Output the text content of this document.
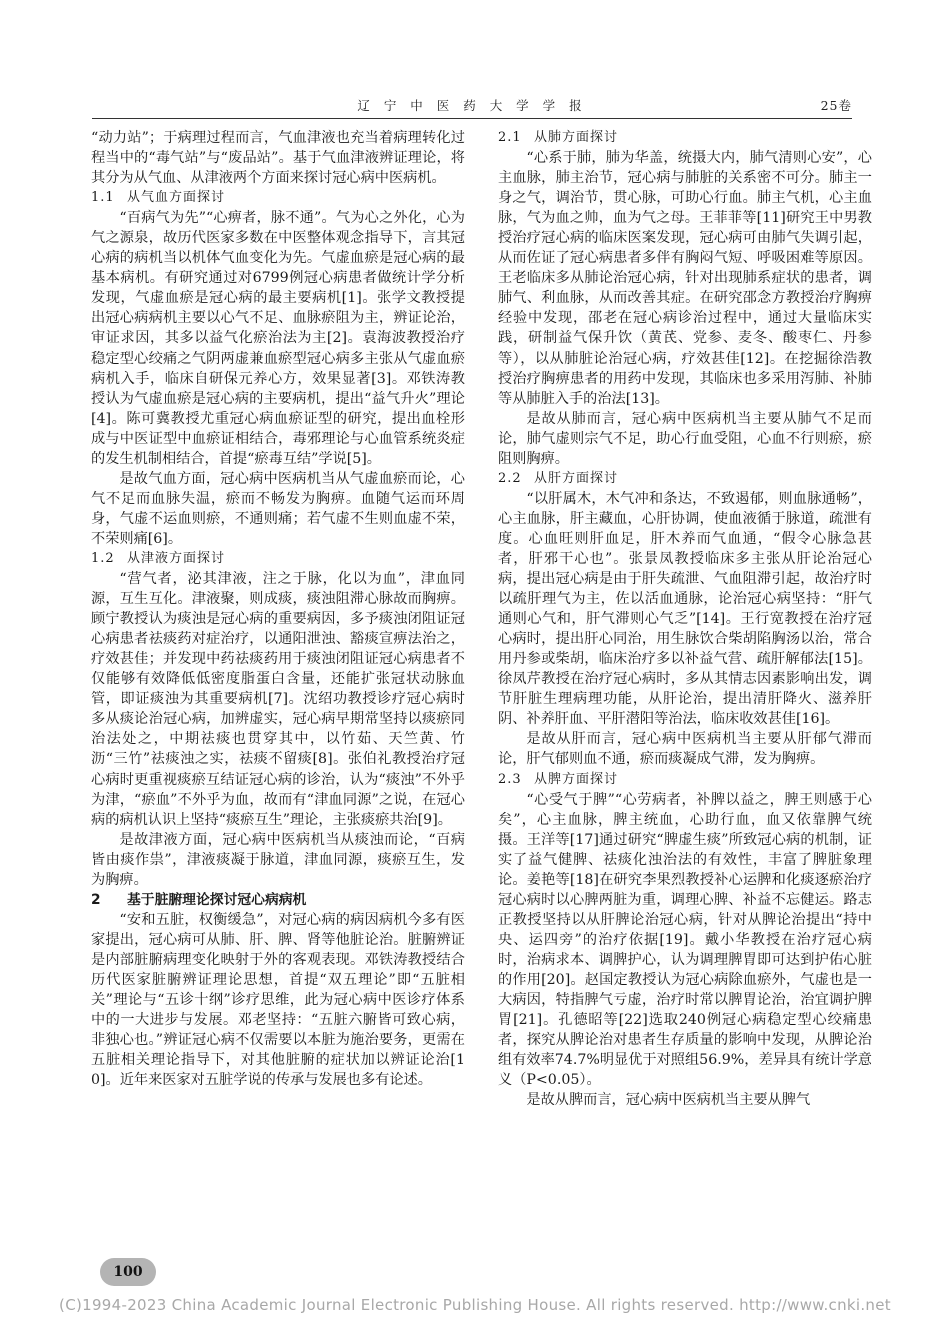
辽 宁 中 医 药 大 学 学 报	25卷

“动力站”；于病理过程而言，气血津液也充当着病理转化过程当中的“毒气站”与“废品站”。基于气血津液辨证理论，将其分为从气血、从津液两个方面来探讨冠心病中医病机。

1.1 从气血方面探讨

“百病气为先”“心痹者，脉不通”。气为心之外化，心为气之源泉，故历代医家多数在中医整体观念指导下，言其冠心病的病机当以机体气血变化为先。气虚血瘀是冠心病的最基本病机。有研究通过对6799例冠心病患者做统计学分析发现，气虚血瘀是冠心病的最主要病机[1]。张学文教授提出冠心病病机主要以心气不足、血脉瘀阻为主，辨证论治，审证求因，其多以益气化瘀治法为主[2]。袁海波教授治疗稳定型心绞痛之气阴两虚兼血瘀型冠心病多主张从气虚血瘀病机入手，临床自研保元养心方，效果显著[3]。邓铁涛教授认为气虚血瘀是冠心病的主要病机，提出“益气升火”理论[4]。陈可冀教授尤重冠心病血瘀证型的研究，提出血栓形成与中医证型中血瘀证相结合，毒邪理论与心血管系统炎症的发生机制相结合，首提“瘀毒互结”学说[5]。

是故气血方面，冠心病中医病机当从气虚血瘀而论，心气不足而血脉失温，瘀而不畅发为胸痹。血随气运而环周身，气虚不运血则瘀，不通则痛；若气虚不生则血虚不荣，不荣则痛[6]。

1.2 从津液方面探讨

“营气者，泌其津液，注之于脉，化以为血”，津血同源，互生互化。津液聚，则成痰，痰浊阻滞心脉故而胸痹。顾宁教授认为痰浊是冠心病的重要病因，多予痰浊闭阻证冠心病患者祛痰药对症治疗，以通阳泄浊、豁痰宣痹法治之，疗效甚佳；并发现中药祛痰药用于痰浊闭阻证冠心病患者不仅能够有效降低低密度脂蛋白含量，还能扩张冠状动脉血管，即证痰浊为其重要病机[7]。沈绍功教授诊疗冠心病时多从痰论治冠心病，加辨虚实，冠心病早期常坚持以痰瘀同治法处之，中期祛痰也贯穿其中，以竹茹、天竺黄、竹沥“三竹”祛痰浊之实，祛痰不留痰[8]。张伯礼教授治疗冠心病时更重视痰瘀互结证冠心病的诊治，认为“痰浊”不外乎为津，“瘀血”不外乎为血，故而有“津血同源”之说，在冠心病的病机认识上坚持“痰瘀互生”理论，主张痰瘀共治[9]。

是故津液方面，冠心病中医病机当从痰浊而论，“百病皆由痰作祟”，津液痰凝于脉道，津血同源，痰瘀互生，发为胸痹。

2 基于脏腑理论探讨冠心病病机

“安和五脏，权衡缓急”，对冠心病的病因病机今多有医家提出，冠心病可从肺、肝、脾、肾等他脏论治。脏腑辨证是内部脏腑病理变化映射于外的客观表现。邓铁涛教授结合历代医家脏腑辨证理论思想，首提“双五理论”即“五脏相关”理论与“五诊十纲”诊疗思维，此为冠心病中医诊疗体系中的一大进步与发展。邓老坚持：“五脏六腑皆可致心病，非独心也。”辨证冠心病不仅需要以本脏为施治要务，更需在五脏相关理论指导下，对其他脏腑的症状加以辨证论治[10]。近年来医家对五脏学说的传承与发展也多有论述。

2.1 从肺方面探讨

“心系于肺，肺为华盖，统摄大内，肺气清则心安”，心主血脉，肺主治节，冠心病与肺脏的关系密不可分。肺主一身之气，调治节，贯心脉，可助心行血。肺主气机，心主血脉，气为血之帅，血为气之母。王菲菲等[11]研究王中男教授治疗冠心病的临床医案发现，冠心病可由肺气失调引起，从而佐证了冠心病患者多伴有胸闷气短、呼吸困难等原因。王老临床多从肺论治冠心病，针对出现肺系症状的患者，调肺气、利血脉，从而改善其症。在研究邵念方教授治疗胸痹经验中发现，邵老在冠心病诊治过程中，通过大量临床实践，研制益气保升饮（黄芪、党参、麦冬、酸枣仁、丹参等），以从肺脏论治冠心病，疗效甚佳[12]。在挖掘徐浩教授治疗胸痹患者的用药中发现，其临床也多采用泻肺、补肺等从肺脏入手的治法[13]。

是故从肺而言，冠心病中医病机当主要从肺气不足而论，肺气虚则宗气不足，助心行血受阻，心血不行则瘀，瘀阻则胸痹。

2.2 从肝方面探讨

“以肝属木，木气冲和条达，不致遏郁，则血脉通畅”，心主血脉，肝主藏血，心肝协调，使血液循于脉道，疏泄有度。心血旺则肝血足，肝木养而气血通，“假令心脉急甚者，肝邪干心也”。张景凤教授临床多主张从肝论治冠心病，提出冠心病是由于肝失疏泄、气血阻滞引起，故治疗时以疏肝理气为主，佐以活血通脉，论治冠心病坚持：“肝气通则心气和，肝气滞则心气乏”[14]。王行宽教授在治疗冠心病时，提出肝心同治，用生脉饮合柴胡陷胸汤以治，常合用丹参或柴胡，临床治疗多以补益气营、疏肝解郁法[15]。徐凤芹教授在治疗冠心病时，多从其情志因素影响出发，调节肝脏生理病理功能，从肝论治，提出清肝降火、滋养肝阴、补养肝血、平肝潜阳等治法，临床收效甚佳[16]。

是故从肝而言，冠心病中医病机当主要从肝郁气滞而论，肝气郁则血不通，瘀而痰凝成气滞，发为胸痹。

2.3 从脾方面探讨

“心受气于脾”“心劳病者，补脾以益之，脾王则感于心矣”，心主血脉，脾主统血，心助行血，血又依靠脾气统摄。王洋等[17]通过研究“脾虚生痰”所致冠心病的机制，证实了益气健脾、祛痰化浊治法的有效性，丰富了脾脏象理论。姜艳等[18]在研究李果烈教授补心运脾和化痰逐瘀治疗冠心病时以心脾两脏为重，调理心脾、补益不忘健运。路志正教授坚持以从肝脾论治冠心病，针对从脾论治提出“持中央、运四旁”的治疗依据[19]。戴小华教授在治疗冠心病时，治病求本、调脾护心，认为调理脾胃即可达到护佑心脏的作用[20]。赵国定教授认为冠心病除血瘀外，气虚也是一大病因，特指脾气亏虚，治疗时常以脾胃论治，治宜调护脾胃[21]。孔德昭等[22]选取240例冠心病稳定型心绞痛患者，探究从脾论治对患者生存质量的影响中发现，从脾论治组有效率74.7%明显优于对照组56.9%，差异具有统计学意义（P<0.05）。

是故从脾而言，冠心病中医病机当主要从脾气

100
(C)1994-2023 China Academic Journal Electronic Publishing House. All rights reserved. http://www.cnki.net
